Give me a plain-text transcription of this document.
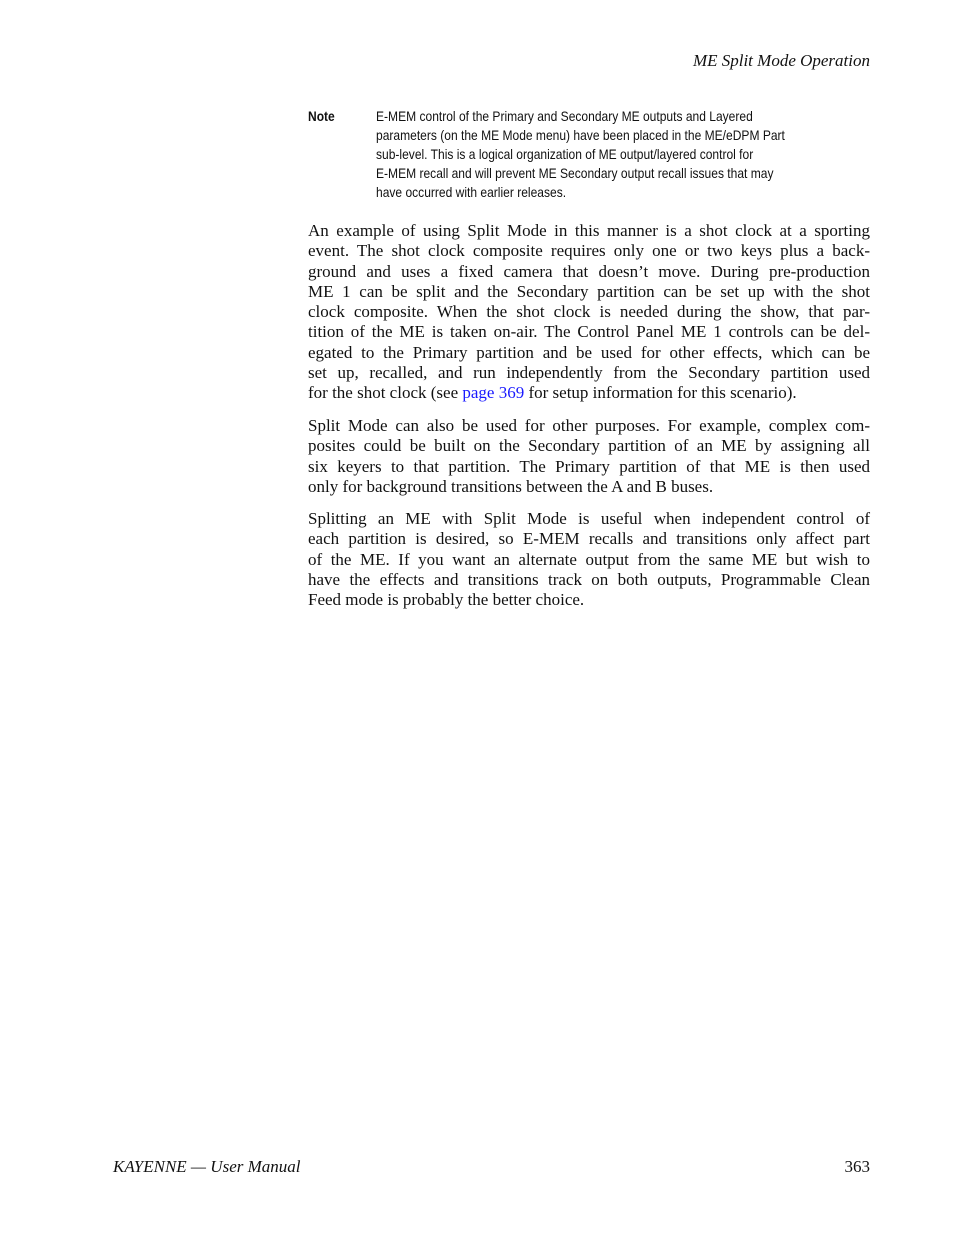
ME Split Mode Operation
Note	E-MEM control of the Primary and Secondary ME outputs and Layered
parameters (on the ME Mode menu) have been placed in the ME/eDPM Part
sub-level. This is a logical organization of ME output/layered control for
E-MEM recall and will prevent ME Secondary output recall issues that may
have occurred with earlier releases.
An example of using Split Mode in this manner is a shot clock at a sporting
event. The shot clock composite requires only one or two keys plus a back-
ground and uses a fixed camera that doesn’t move. During pre-production
ME 1 can be split and the Secondary partition can be set up with the shot
clock composite. When the shot clock is needed during the show, that par-
tition of the ME is taken on-air. The Control Panel ME 1 controls can be del-
egated to the Primary partition and be used for other effects, which can be
set up, recalled, and run independently from the Secondary partition used
for the shot clock (see page 369 for setup information for this scenario).
Split Mode can also be used for other purposes. For example, complex com-
posites could be built on the Secondary partition of an ME by assigning all
six keyers to that partition. The Primary partition of that ME is then used
only for background transitions between the A and B buses.
Splitting an ME with Split Mode is useful when independent control of
each partition is desired, so E-MEM recalls and transitions only affect part
of the ME. If you want an alternate output from the same ME but wish to
have the effects and transitions track on both outputs, Programmable Clean
Feed mode is probably the better choice.
KAYENNE — User Manual	363
